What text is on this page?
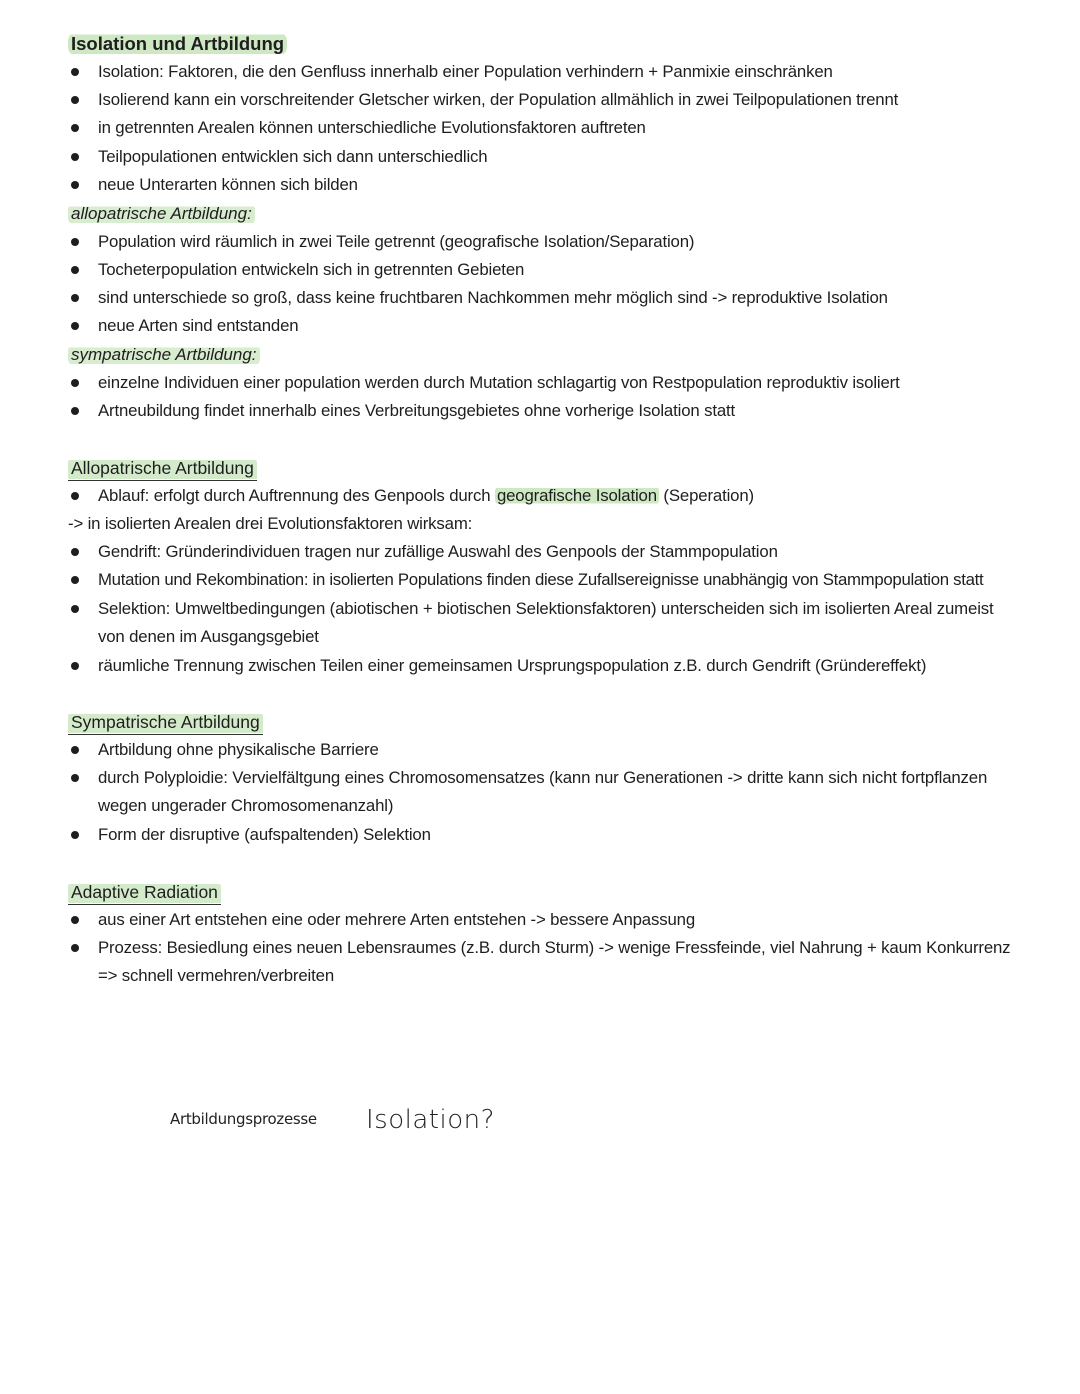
Isolation und Artbildung
Isolation: Faktoren, die den Genfluss innerhalb einer Population verhindern + Panmixie einschränken
Isolierend kann ein vorschreitender Gletscher wirken, der Population allmählich in zwei Teilpopulationen trennt
in getrennten Arealen können unterschiedliche Evolutionsfaktoren auftreten
Teilpopulationen entwicklen sich dann unterschiedlich
neue Unterarten können sich bilden
allopatrische Artbildung:
Population wird räumlich in zwei Teile getrennt (geografische Isolation/Separation)
Tocheterpopulation entwickeln sich in getrennten Gebieten
sind unterschiede so groß, dass keine fruchtbaren Nachkommen mehr möglich sind -> reproduktive Isolation
neue Arten sind entstanden
sympatrische Artbildung:
einzelne Individuen einer population werden durch Mutation schlagartig von Restpopulation reproduktiv isoliert
Artneubildung findet innerhalb eines Verbreitungsgebietes ohne vorherige Isolation statt
Allopatrische Artbildung
Ablauf: erfolgt durch Auftrennung des Genpools durch geografische Isolation (Seperation)
-> in isolierten Arealen drei Evolutionsfaktoren wirksam:
Gendrift: Gründerindividuen tragen nur zufällige Auswahl des Genpools der Stammpopulation
Mutation und Rekombination: in isolierten Populations finden diese Zufallsereignisse unabhängig von Stammpopulation statt
Selektion: Umweltbedingungen (abiotischen + biotischen Selektionsfaktoren) unterscheiden sich im isolierten Areal zumeist
von denen im Ausgangsgebiet
räumliche Trennung zwischen Teilen einer gemeinsamen Ursprungspopulation z.B. durch Gendrift (Gründereffekt)
Sympatrische Artbildung
Artbildung ohne physikalische Barriere
durch Polyploidie: Vervielfältgung eines Chromosomensatzes (kann nur Generationen -> dritte kann sich nicht fortpflanzen
wegen ungerader Chromosomenanzahl)
Form der disruptive (aufspaltenden) Selektion
Adaptive Radiation
aus einer Art entstehen eine oder mehrere Arten entstehen -> bessere Anpassung
Prozess: Besiedlung eines neuen Lebensraumes (z.B. durch Sturm) -> wenige Fressfeinde, viel Nahrung + kaum Konkurrenz
=> schnell vermehren/verbreiten
Artbildungsprozesse Isolation?
